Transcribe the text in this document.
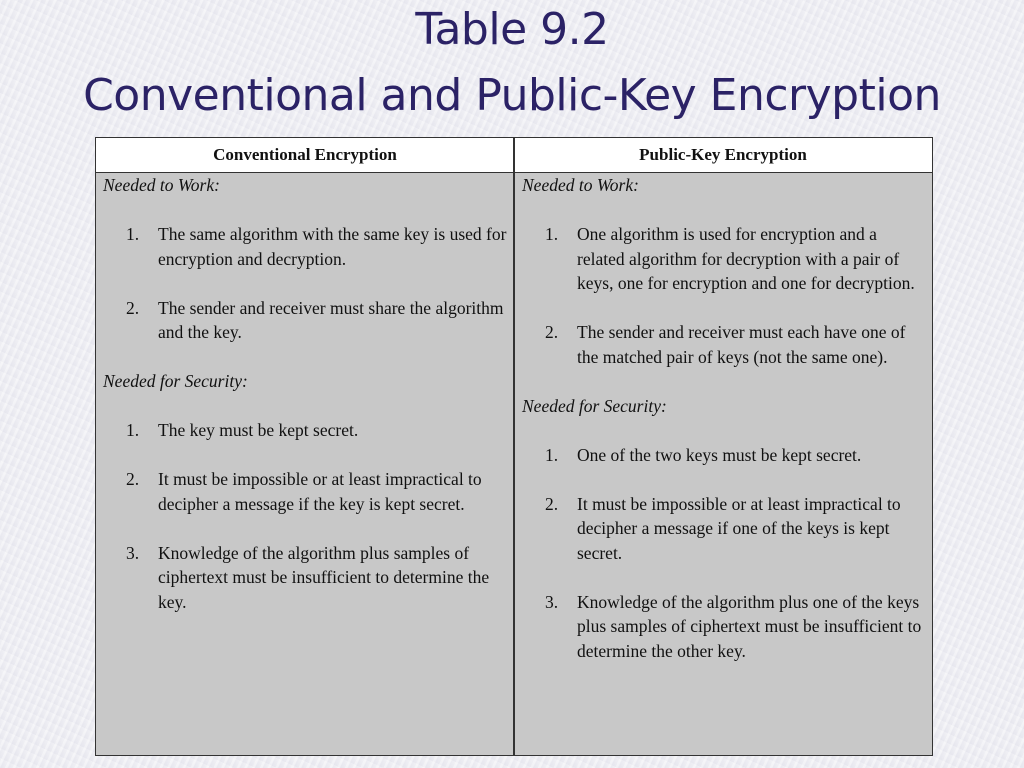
Table 9.2
Conventional and Public-Key Encryption
Conventional Encryption	Public-Key Encryption

Needed to Work:

1. The same algorithm with the same key is used for encryption and decryption.
2. The sender and receiver must share the algorithm and the key.

Needed for Security:

1. The key must be kept secret.
2. It must be impossible or at least impractical to decipher a message if the key is kept secret.
3. Knowledge of the algorithm plus samples of ciphertext must be insufficient to determine the key.

Needed to Work:

1. One algorithm is used for encryption and a related algorithm for decryption with a pair of keys, one for encryption and one for decryption.
2. The sender and receiver must each have one of the matched pair of keys (not the same one).

Needed for Security:

1. One of the two keys must be kept secret.
2. It must be impossible or at least impractical to decipher a message if one of the keys is kept secret.
3. Knowledge of the algorithm plus one of the keys plus samples of ciphertext must be insufficient to determine the other key.
